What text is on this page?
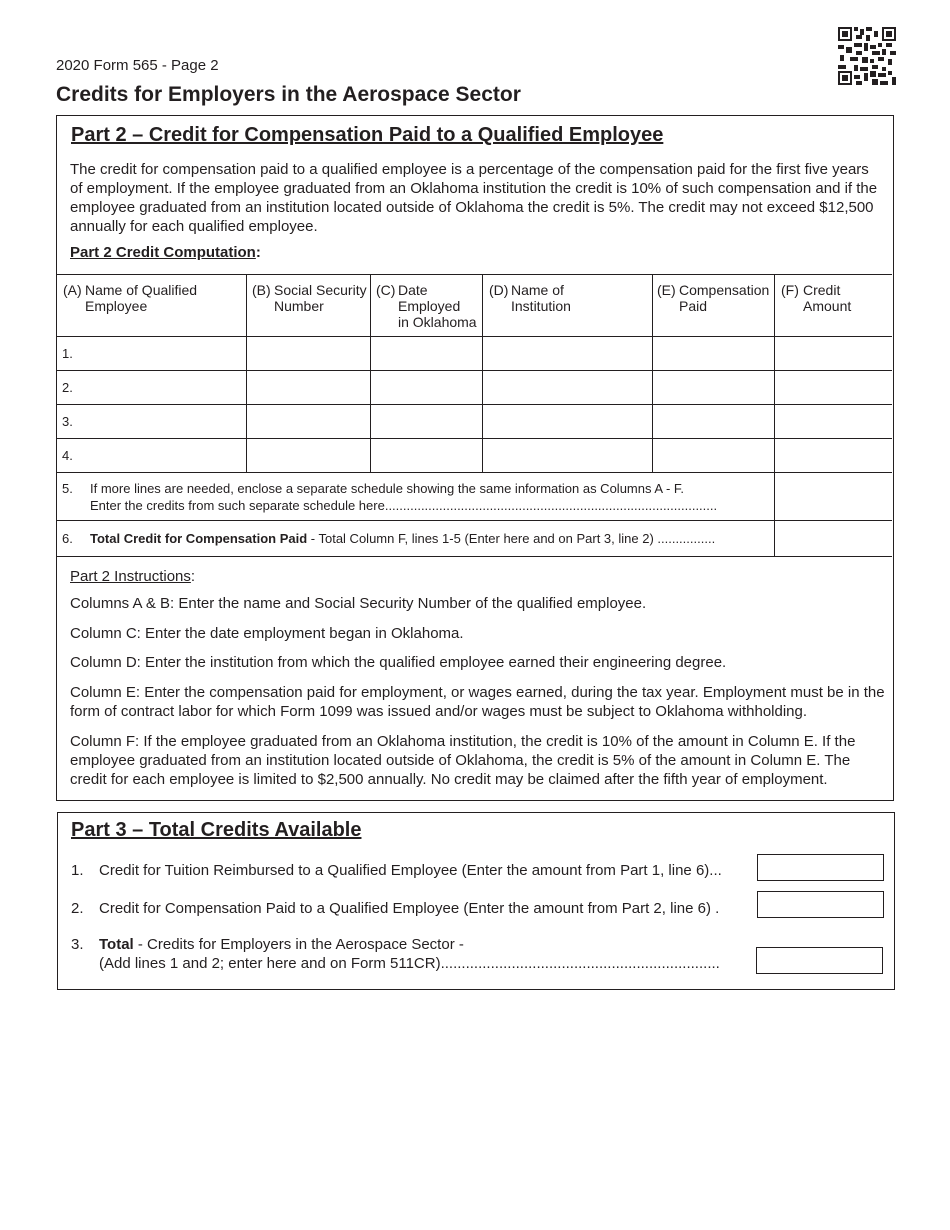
2020 Form 565 - Page 2
Credits for Employers in the Aerospace Sector
Part 2 – Credit for Compensation Paid to a Qualified Employee
The credit for compensation paid to a qualified employee is a percentage of the compensation paid for the first five years of employment. If the employee graduated from an Oklahoma institution the credit is 10% of such compensation and if the employee graduated from an institution located outside of Oklahoma the credit is 5%. The credit may not exceed $12,500 annually for each qualified employee.
Part 2 Credit Computation:
(A) Name of Qualified
Employee
(B) Social Security
Number
(C) Date
Employed
in Oklahoma
(D) Name of
Institution
(E) Compensation
Paid
(F) Credit
Amount
1.
2.
3.
4.
5. If more lines are needed, enclose a separate schedule showing the same information as Columns A - F.
Enter the credits from such separate schedule here............................................................................................
6. Total Credit for Compensation Paid - Total Column F, lines 1-5 (Enter here and on Part 3, line 2) ................
Part 2 Instructions:
Columns A & B: Enter the name and Social Security Number of the qualified employee.
Column C: Enter the date employment began in Oklahoma.
Column D: Enter the institution from which the qualified employee earned their engineering degree.
Column E: Enter the compensation paid for employment, or wages earned, during the tax year. Employment must be in the form of contract labor for which Form 1099 was issued and/or wages must be subject to Oklahoma withholding.
Column F: If the employee graduated from an Oklahoma institution, the credit is 10% of the amount in Column E. If the employee graduated from an institution located outside of Oklahoma, the credit is 5% of the amount in Column E. The credit for each employee is limited to $2,500 annually. No credit may be claimed after the fifth year of employment.
Part 3 – Total Credits Available
1. Credit for Tuition Reimbursed to a Qualified Employee (Enter the amount from Part 1, line 6)...
2. Credit for Compensation Paid to a Qualified Employee (Enter the amount from Part 2, line 6) .
3. Total - Credits for Employers in the Aerospace Sector -
(Add lines 1 and 2; enter here and on Form 511CR)...................................................................
